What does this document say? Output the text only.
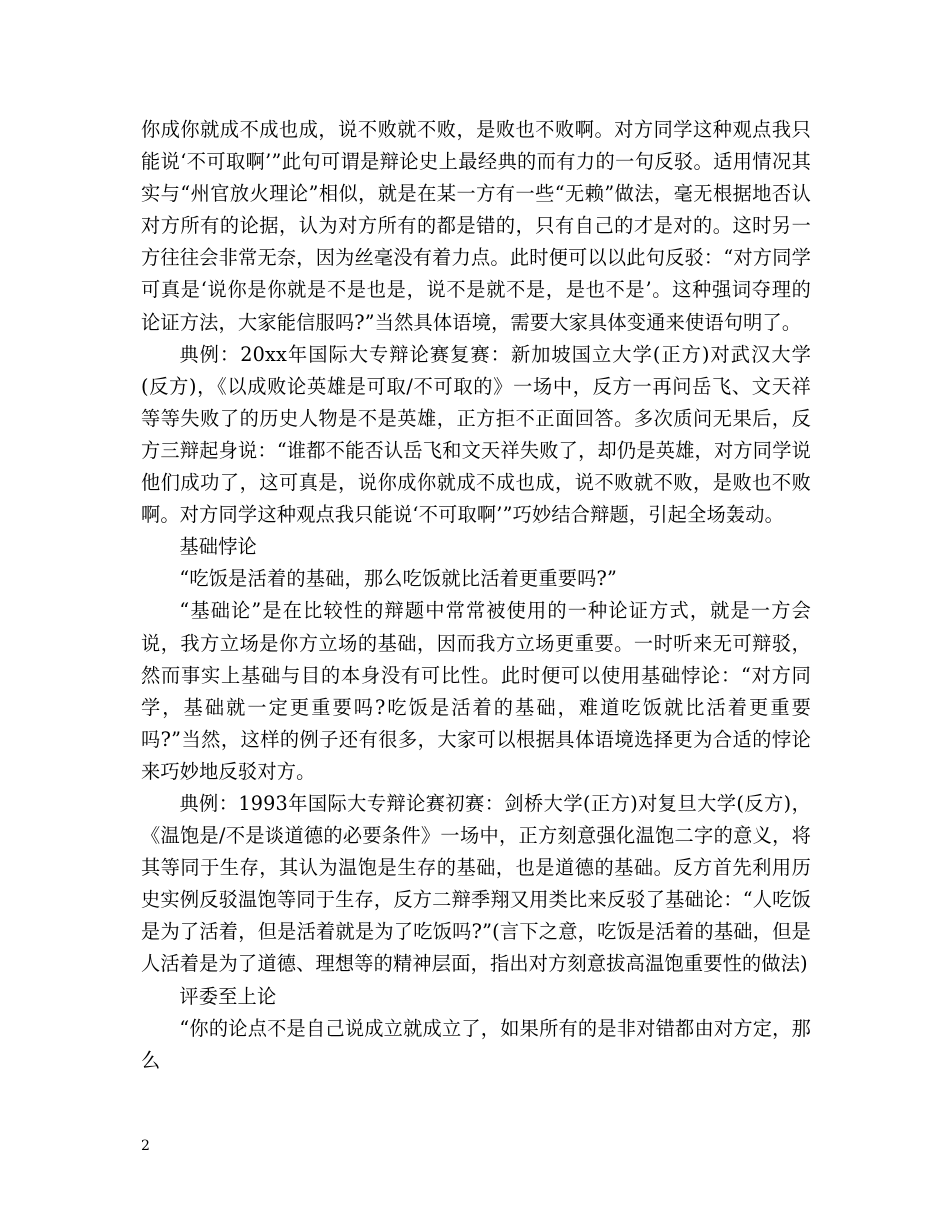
你成你就成不成也成，说不败就不败，是败也不败啊。对方同学这种观点我只能说‘不可取啊’”此句可谓是辩论史上最经典的而有力的一句反驳。适用情况其实与“州官放火理论”相似，就是在某一方有一些“无赖”做法，毫无根据地否认对方所有的论据，认为对方所有的都是错的，只有自己的才是对的。这时另一方往往会非常无奈，因为丝毫没有着力点。此时便可以以此句反驳：“对方同学可真是‘说你是你就是不是也是，说不是就不是，是也不是’。这种强词夺理的论证方法，大家能信服吗?”当然具体语境，需要大家具体变通来使语句明了。

典例：20xx年国际大专辩论赛复赛：新加坡国立大学(正方)对武汉大学(反方)，《以成败论英雄是可取/不可取的》一场中，反方一再问岳飞、文天祥等等失败了的历史人物是不是英雄，正方拒不正面回答。多次质问无果后，反方三辩起身说：“谁都不能否认岳飞和文天祥失败了，却仍是英雄，对方同学说他们成功了，这可真是，说你成你就成不成也成，说不败就不败，是败也不败啊。对方同学这种观点我只能说‘不可取啊’”巧妙结合辩题，引起全场轰动。

基础悖论

“吃饭是活着的基础，那么吃饭就比活着更重要吗?”

“基础论”是在比较性的辩题中常常被使用的一种论证方式，就是一方会说，我方立场是你方立场的基础，因而我方立场更重要。一时听来无可辩驳，然而事实上基础与目的本身没有可比性。此时便可以使用基础悖论：“对方同学，基础就一定更重要吗?吃饭是活着的基础，难道吃饭就比活着更重要吗?”当然，这样的例子还有很多，大家可以根据具体语境选择更为合适的悖论来巧妙地反驳对方。

典例：1993年国际大专辩论赛初赛：剑桥大学(正方)对复旦大学(反方)，《温饱是/不是谈道德的必要条件》一场中，正方刻意强化温饱二字的意义，将其等同于生存，其认为温饱是生存的基础，也是道德的基础。反方首先利用历史实例反驳温饱等同于生存，反方二辩季翔又用类比来反驳了基础论：“人吃饭是为了活着，但是活着就是为了吃饭吗?”(言下之意，吃饭是活着的基础，但是人活着是为了道德、理想等的精神层面，指出对方刻意拔高温饱重要性的做法)

评委至上论

“你的论点不是自己说成立就成立了，如果所有的是非对错都由对方定，那么

2
